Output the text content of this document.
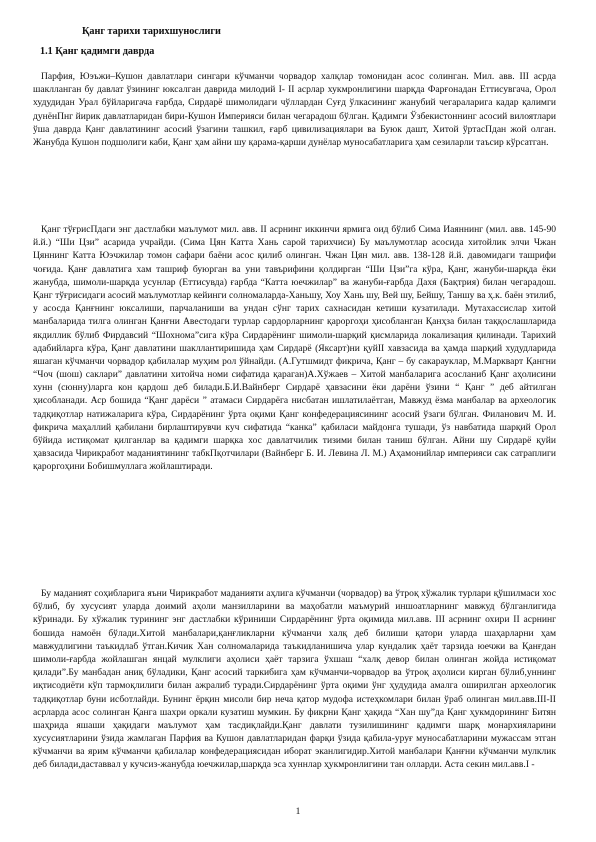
Қанг тарихи тарихшунослиги
1.1 Қанг қадимги даврда

Парфия, Юэъжи–Кушон давлатлари сингари кўчманчи чорвадор халқлар томонидан асос солинган. Мил. авв. III асрда шаклланган бу давлат ўзининг юксалган даврида милодий I- II асрлар хукмронлигини шарқда Фарғонадан Еттисувгача, Орол худудидан Урал бўйларигача ғарбда, Сирдарё шимолидаги чўллардан Суғд ўлкасининг жанубий чегараларига кадар қалимги дунёнПнг йирик давлатларидан бири-Кушон Империяси билан чегарадош бўлган. Қадимги Ўзбекистоннинг асосий вилоятлари ўша даврда Қанг давлатининг асосий ўзагини ташкил, ғарб цивилизациялари ва Буюк дашт, Хитой ўртасПдан жой олган. Жанубда Кушон подшолиги каби, Қанг ҳам айни шу қарама-қарши дунёлар муносабатларига ҳам сезиларли таъсир кўрсатган.

Қанг тўғрисПдаги энг дастлабки маълумот мил. авв. II асрнинг иккинчи ярмига оид бўлиб Сима Иаяннинг (мил. авв. 145-90 й.й.) “Ши Цзи” асарида учрайди. (Сима Цян Катта Хань сарой тарихчиси) Бу маълумотлар асосида хитойлик элчи Чжан Цяннинг Катта Юэчжилар томон сафари баёни асос қилиб олинган. Чжан Цян мил. авв. 138-128 й.й. давомидаги ташрифи чоғида. Қанғ давлатига хам ташриф буюрган ва уни тавърифини қолдирган “Ши Цзи”га кўра, Қанг, жануби-шарқда ёки жанубда, шимоли-шарқда усунлар (Еттисувда) ғарбда “Катта юечжилар” ва жануби-ғарбда Дахя (Бақтрия) билан чегарадош. Қанг тўғрисидаги асосий маълумотлар кейинги солномаларда-Ханьшу, Хоу Хань шу, Вей шу, Бейшу, Таншу ва ҳ.к. баён этилиб, у асосда Қанғнинг юксалиши, парчаланиши ва ундан сўнг тарих сахнасидан кетиши кузатилади. Мутахассислар хитой манбаларида тилга олинган Қанғни Авестодаги турлар сардорларнинг қароргоҳи ҳисобланган Қанҳза билан таққослашларида якдиллик бўлиб Фирдавсий “Шохнома”сига кўра Сирдарёнинг шимоли-шарқий қисмларида локализация қилинади. Тарихий адабийларга кўра, Қанг давлатини шакллантиришида ҳам Сирдарё (Яксарт)ни қуйII хавзасида ва ҳамда шарқий худудларида яшаган кўчманчи чорвадор қабилалар муҳим рол ўйнайди. (А.Гутшмидт фикрича, Қанг – бу сакарауклар, М.Маркварт Қангни “Чоч (шош) саклари” давлатини хитойча номи сифатида қараган)А.Хўжаев – Хитой манбаларига асосланиб Қанг аҳолисини хунн (сюнну)ларга кон қардош деб билади.Б.И.Вайнберг Сирдарё ҳавзасини ёки дарёни ўзини “ Қанг ” деб айтилган ҳисобланади. Аср бошида “Қанг дарёси ” атамаси Сирдарёга нисбатан ишлатилаётган, Мавжуд ёзма манбалар ва археологик тадқиқотлар натижаларига кўра, Сирдарёнинг ўрта оқими Қанг конфедерациясининг асосий ўзаги бўлган. Филанович М. И. фикрича маҳаллий қабилани бирлаштирувчи куч сифатида “канка” қабиласи майдонга тушади, ўз навбатида шарқий Орол бўйида истиқомат қилганлар ва қадимги шарқка хос давлатчилик тизими билан таниш бўлган. Айни шу Сирдарё қуйи ҳавзасида Чирикработ маданиятининг табкПқотчилари (Вайнберг Б. И. Левина Л. М.) Аҳамонийлар империяси сак сатраплиги қароргоҳини Бобишмуллага жойлаштиради.

Бу маданият соҳибларига яъни Чирикработ маданияти аҳлига кўчманчи (чорвадор) ва ўтроқ хўжалик турлари қўшилмаси хос бўлиб, бу хусусият уларда доимий аҳоли манзилларини ва маҳобатли маъмурий иншоатларнинг мавжуд бўлганлигида кўринади. Бу хўжалик турининг энг дастлабки кўриниши Сирдарёнинг ўрта оқимида мил.авв. III асрнинг охири II асрнинг бошида намоён бўлади.Хитой манбалари,қанғликларни кўчманчи халқ деб билиши қатори уларда шаҳарларни ҳам мавжудлигини таъкидлаб ўтган.Кичик Хан солномаларида таъкидланишича улар кундалик ҳаёт тарзида юечжи ва Қанғдан шимоли-ғарбда жойлашган янцай мулклиги аҳолиси ҳаёт тарзига ўхшаш “халқ девор билан олинган жойда истиқомат қилади”.Бу манбадан аниқ бўладики, Қанг асосий таркибига ҳам кўчманчи-чорвадор ва ўтроқ аҳолиси кирган бўлиб,уннинг иқтисодиёти кўп тармоқлилиги билан ажралиб туради.Сирдарёнинг ўрта оқими ўнг ҳудудида амалга оширилган археологик тадқиқотлар буни исботлайди. Бунинг ёрқин мисоли бир неча қатор мудофа истеҳкомлари билан ўраб олинган мил.авв.III-II асрларда асос солинган Қанга шахри оркали кузатиш мумкин. Бу фикрни Қанг ҳақида “Хан шу”да Қанг ҳукмдорининг Битян шаҳрида яшаши ҳақидаги маълумот ҳам тасдиқлайди.Қанг давлати тузилишининг қадимги шарқ монархияларини хусусиятларини ўзида жамлаган Парфия ва Кушон давлатларидан фарқи ўзида қабила-уруғ муносабатларини мужассам этган кўчманчи ва ярим кўчманчи қабилалар конфедерациясидан иборат эканлигидир.Хитой манбалари Қанғни кўчманчи мулклик деб билади,даставвал у кучсиз-жанубда юечжилар,шарқда эса хуннлар ҳукмронлигини тан олларди. Аста секин мил.авв.I -

1
